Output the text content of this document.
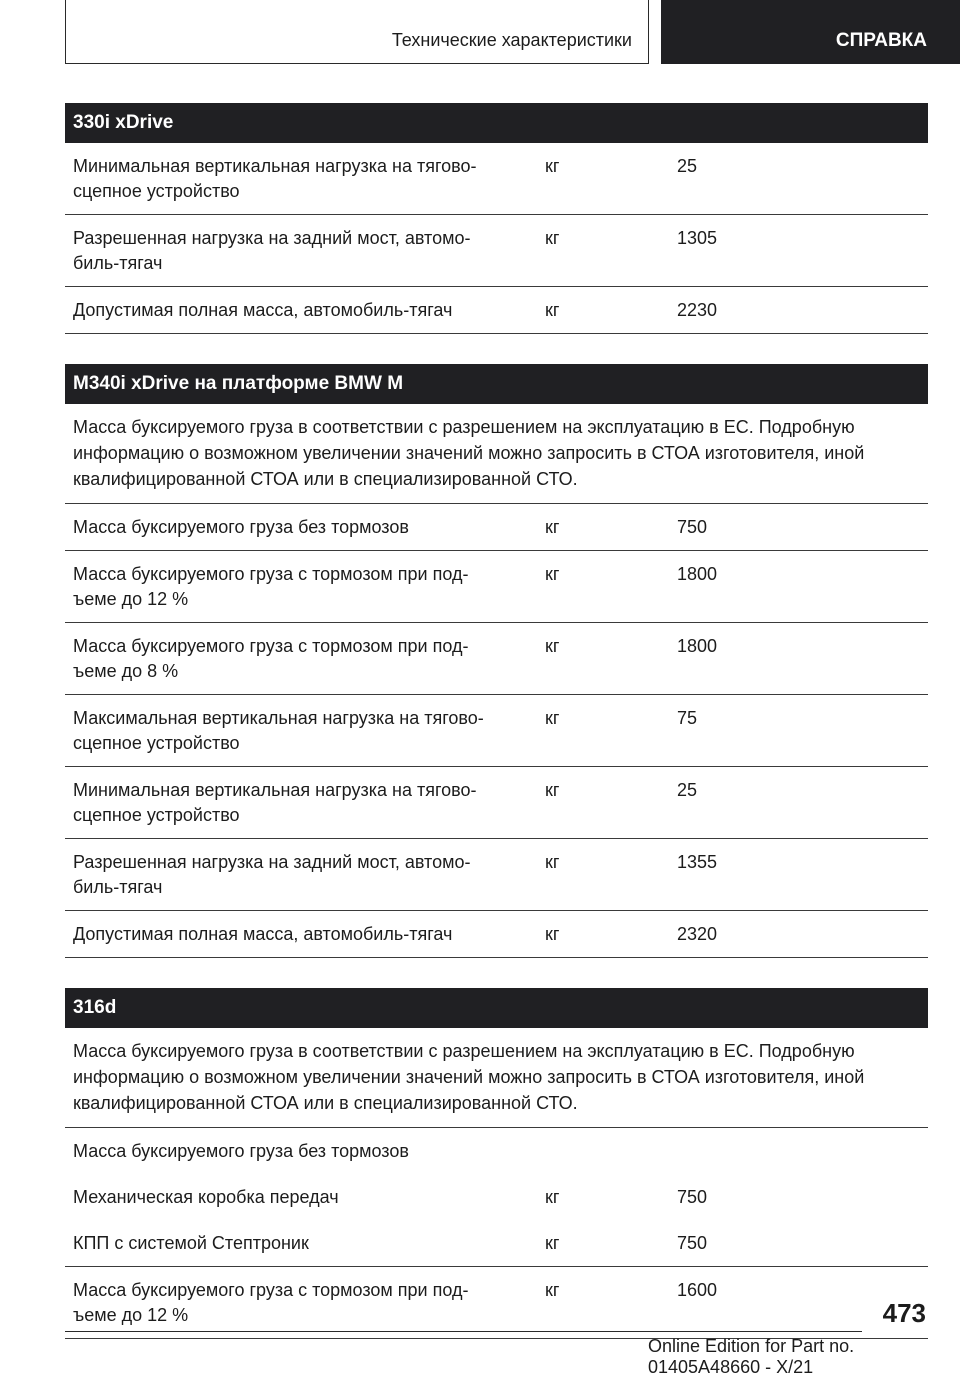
Технические характеристики	СПРАВКА
330i xDrive
Минимальная вертикальная нагрузка на тягово-
сцепное устройство
кг	25
Разрешенная нагрузка на задний мост, автомо-
биль-тягач
кг	1305
Допустимая полная масса, автомобиль-тягач	кг	2230
M340i xDrive на платформе BMW M
Масса буксируемого груза в соответствии с разрешением на эксплуатацию в ЕС. Подробную информацию о возможном увеличении значений можно запросить в СТОА изготовителя, иной квалифицированной СТОА или в специализированной СТО.
Масса буксируемого груза без тормозов	кг	750
Масса буксируемого груза с тормозом при под-
ъеме до 12 %
кг	1800
Масса буксируемого груза с тормозом при под-
ъеме до 8 %
кг	1800
Максимальная вертикальная нагрузка на тягово-
сцепное устройство
кг	75
Минимальная вертикальная нагрузка на тягово-
сцепное устройство
кг	25
Разрешенная нагрузка на задний мост, автомо-
биль-тягач
кг	1355
Допустимая полная масса, автомобиль-тягач	кг	2320
316d
Масса буксируемого груза в соответствии с разрешением на эксплуатацию в ЕС. Подробную информацию о возможном увеличении значений можно запросить в СТОА изготовителя, иной квалифицированной СТОА или в специализированной СТО.
Масса буксируемого груза без тормозов
Механическая коробка передач	кг	750
КПП с системой Стептроник	кг	750
Масса буксируемого груза с тормозом при под-
ъеме до 12 %
кг	1600
473
Online Edition for Part no. 01405A48660 - X/21
